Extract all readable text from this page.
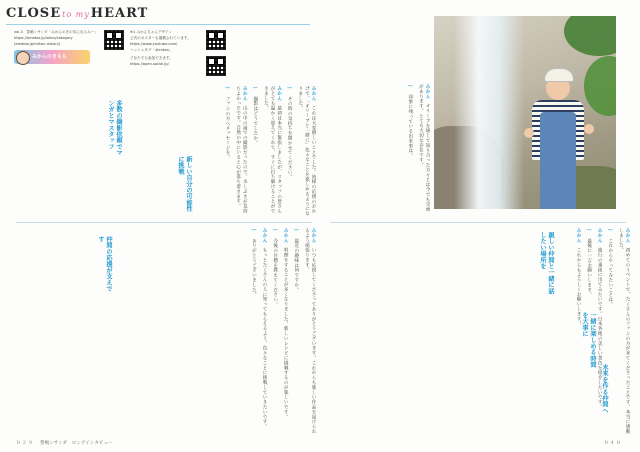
CLOSEto myHEART
vol.3　豊嶋シサンダ「みかんのきの気になるみー」
https://ameblo.jp/lolina/category
(ameblo.jp/mikan-mikan/)
みかんのきもち
※1 みかんちゃんデザイン
公式のポスターも掲載されています。
https://www.youtube.com/
ハッシュタグ「#mikan」
どなたでも参加できます。
https://open.social.jp/

みかん　これは大変嬉しいことでした。皆様の応援のおかげで、「オリーブと一緒に」色々なことを楽しめるようになりました。

―　その時の気持ちを聞かせてください。

みかん　最初は本当に緊張しましたが、スタッフの皆さんがとても温かく迎えてくれて、すぐに打ち解けることができました。

―　撮影はどうでしたか。

みかん　山の中の滝での撮影だったので、水しぶきが気持ちよかったです。自然の中にいると心が落ち着きます。

―　ファンの方へメッセージを。

多数の撮影依頼でマンガとマスタッフ
新しい自分の可能性に挑戦

みかん　いつも応援してくださってありがとうございます。これからも楽しい作品を届けられるよう頑張ります。

―　最近の趣味は何ですか。

みかん　料理をすることが多くなりました。新しいレシピに挑戦するのが楽しいです。

―　今後の目標を教えてください。

みかん　もっとたくさんの人に知ってもらえるよう、色々なことに挑戦していきたいです。

―　ありがとうございました。

仲間の応援が支えです
０ ３ ９ 豊嶋シサンダ　ロングインタビュー

みかん　オリーブを通じて知り合った方々とは今でも交流があります。とても大切な存在です。

―　印象に残っている出来事は。

みかん　初めてのイベントで、たくさんのファンの方が来てくださったことです。本当に感動しました。

―　これからやってみたいことは。

みかん　旅行の番組に出てみたいです。日本各地の美しい景色を紹介したいです。

―　最後に一言お願いします。

みかん　これからもよろしくお願いします！

親しい仲間と一緒に話したい場所を
一緒に楽しめる時間を大事に
未来を作る仲間へ
０ ４ ０
